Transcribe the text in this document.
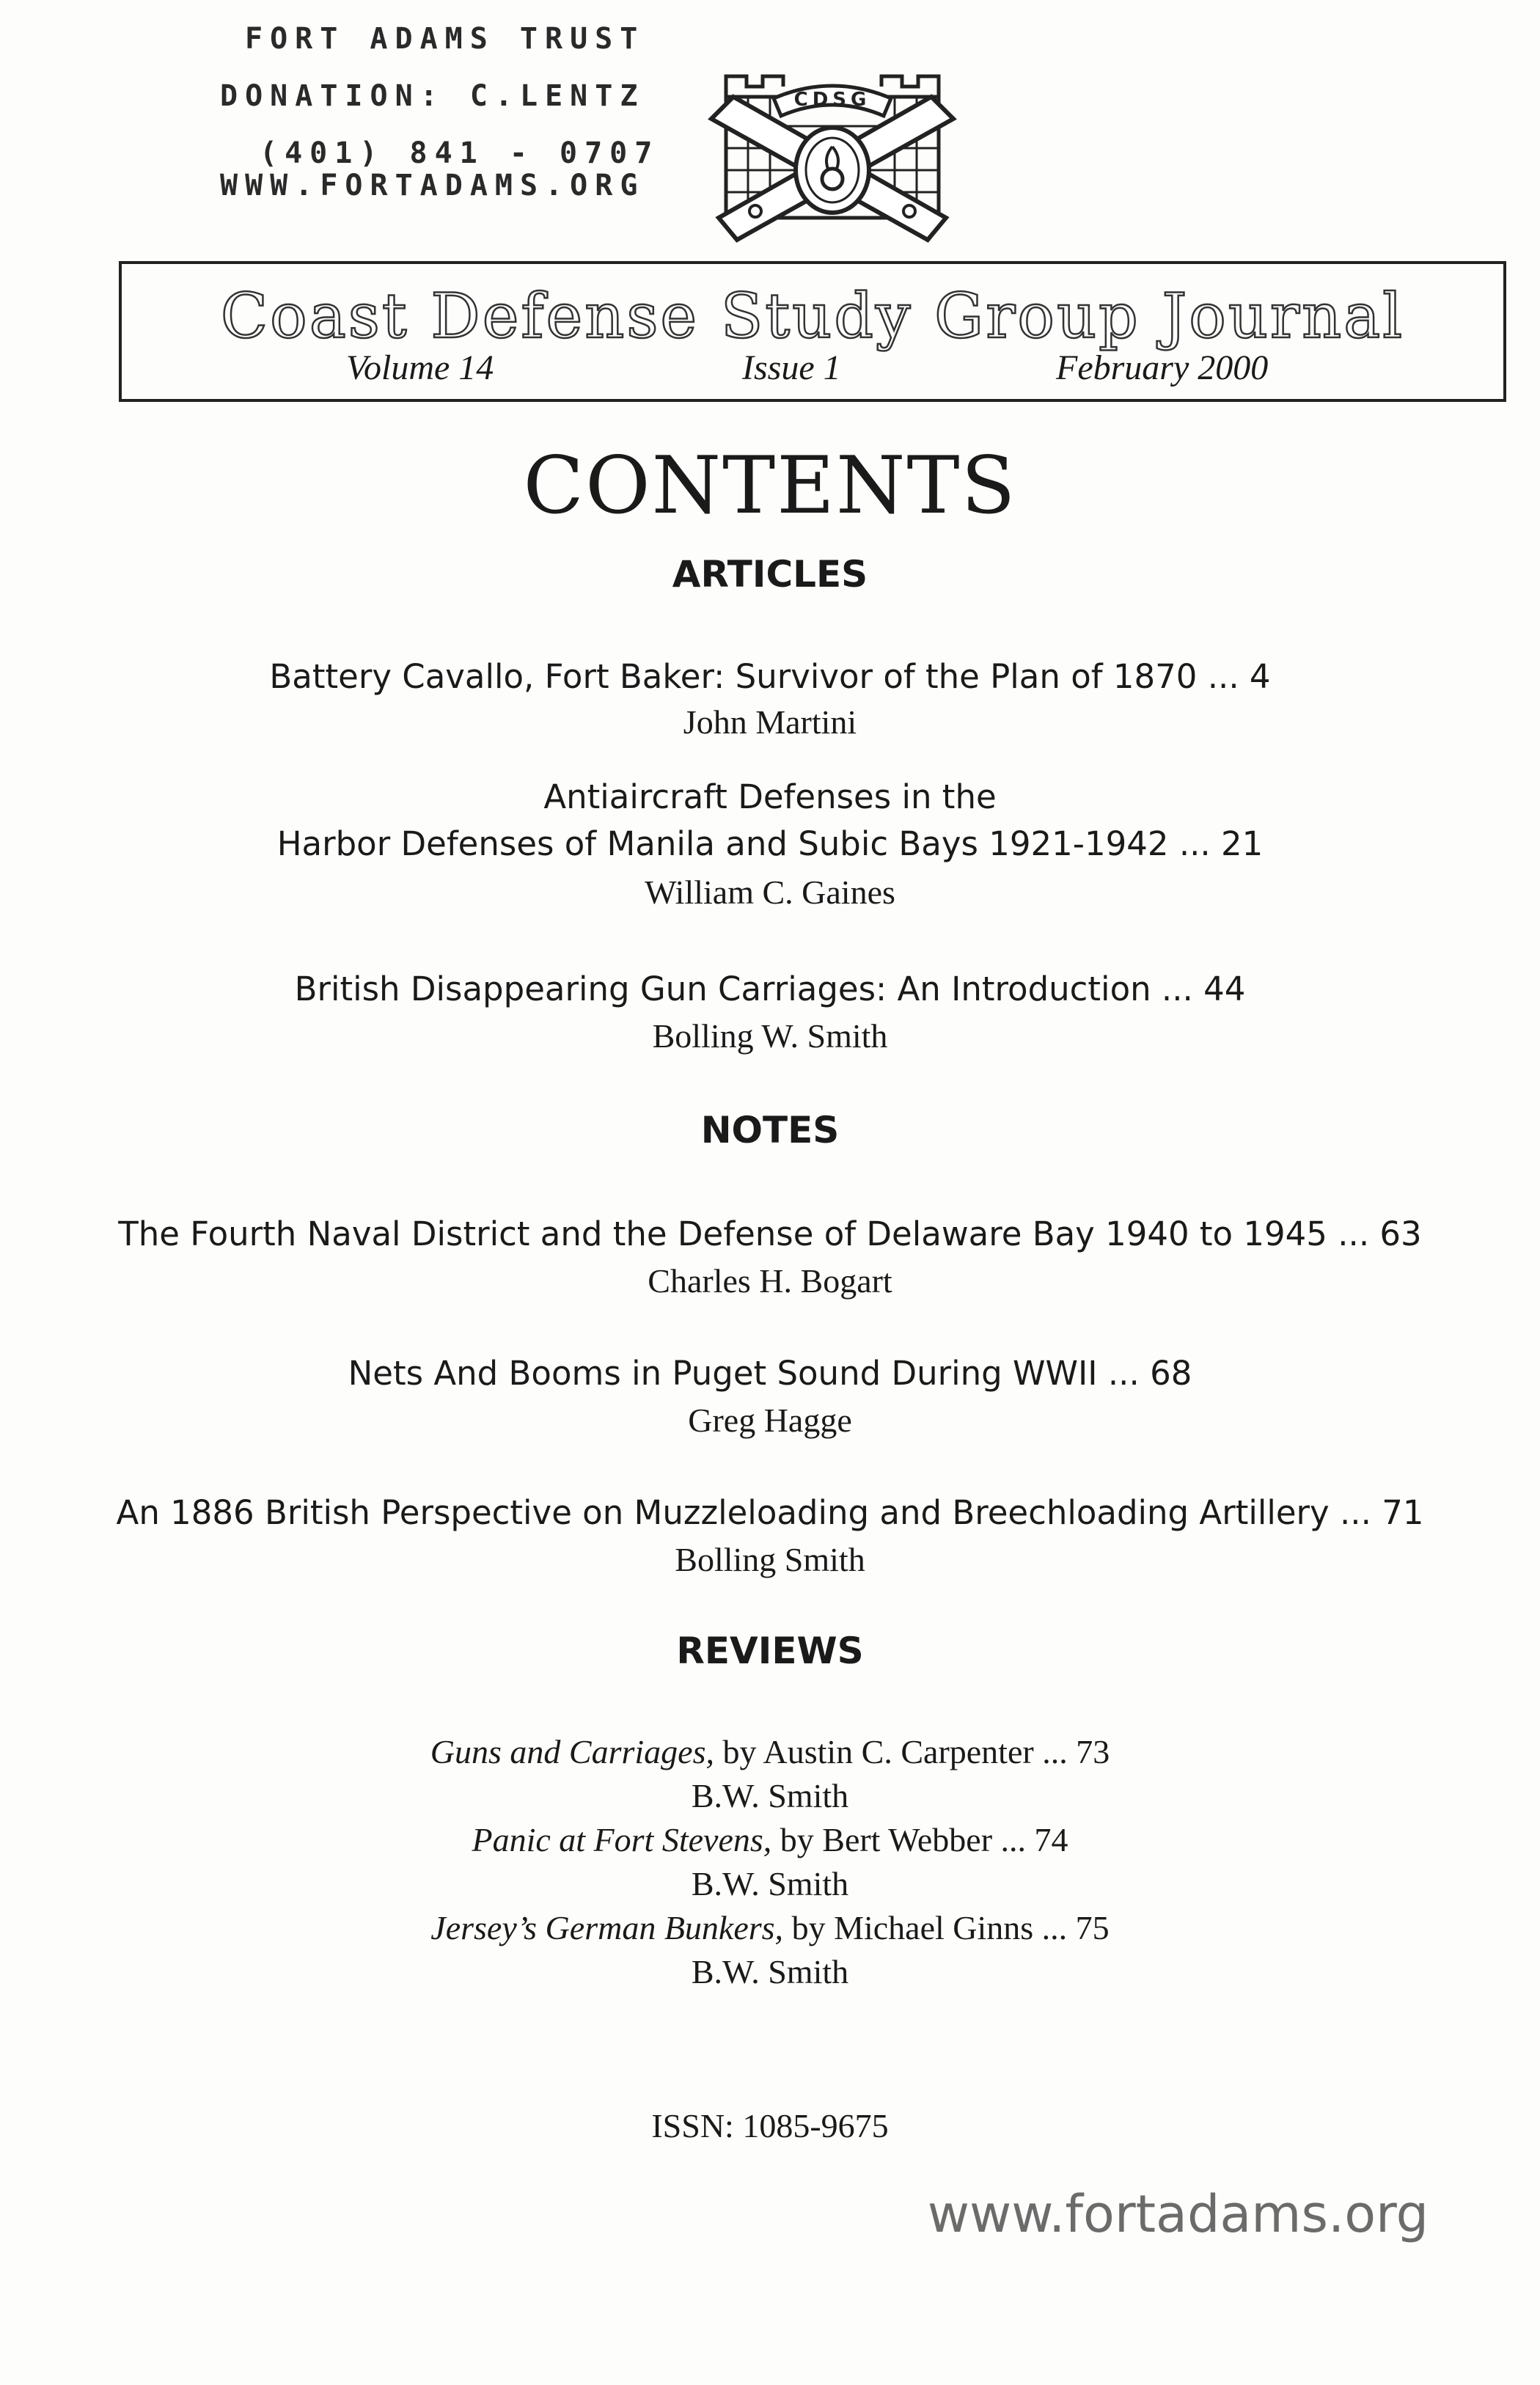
FORT ADAMS TRUST
DONATION: C.LENTZ
(401) 841 - 0707
WWW.FORTADAMS.ORG
CDSG
Coast Defense Study Group Journal
Volume 14	Issue 1	February 2000
CONTENTS
ARTICLES
Battery Cavallo, Fort Baker: Survivor of the Plan of 1870 ... 4
John Martini
Antiaircraft Defenses in the
Harbor Defenses of Manila and Subic Bays 1921-1942 ... 21
William C. Gaines
British Disappearing Gun Carriages: An Introduction ... 44
Bolling W. Smith
NOTES
The Fourth Naval District and the Defense of Delaware Bay 1940 to 1945 ... 63
Charles H. Bogart
Nets And Booms in Puget Sound During WWII ... 68
Greg Hagge
An 1886 British Perspective on Muzzleloading and Breechloading Artillery ... 71
Bolling Smith
REVIEWS
Guns and Carriages, by Austin C. Carpenter ... 73
B.W. Smith
Panic at Fort Stevens, by Bert Webber ... 74
B.W. Smith
Jersey’s German Bunkers, by Michael Ginns ... 75
B.W. Smith
ISSN: 1085-9675
www.fortadams.org
